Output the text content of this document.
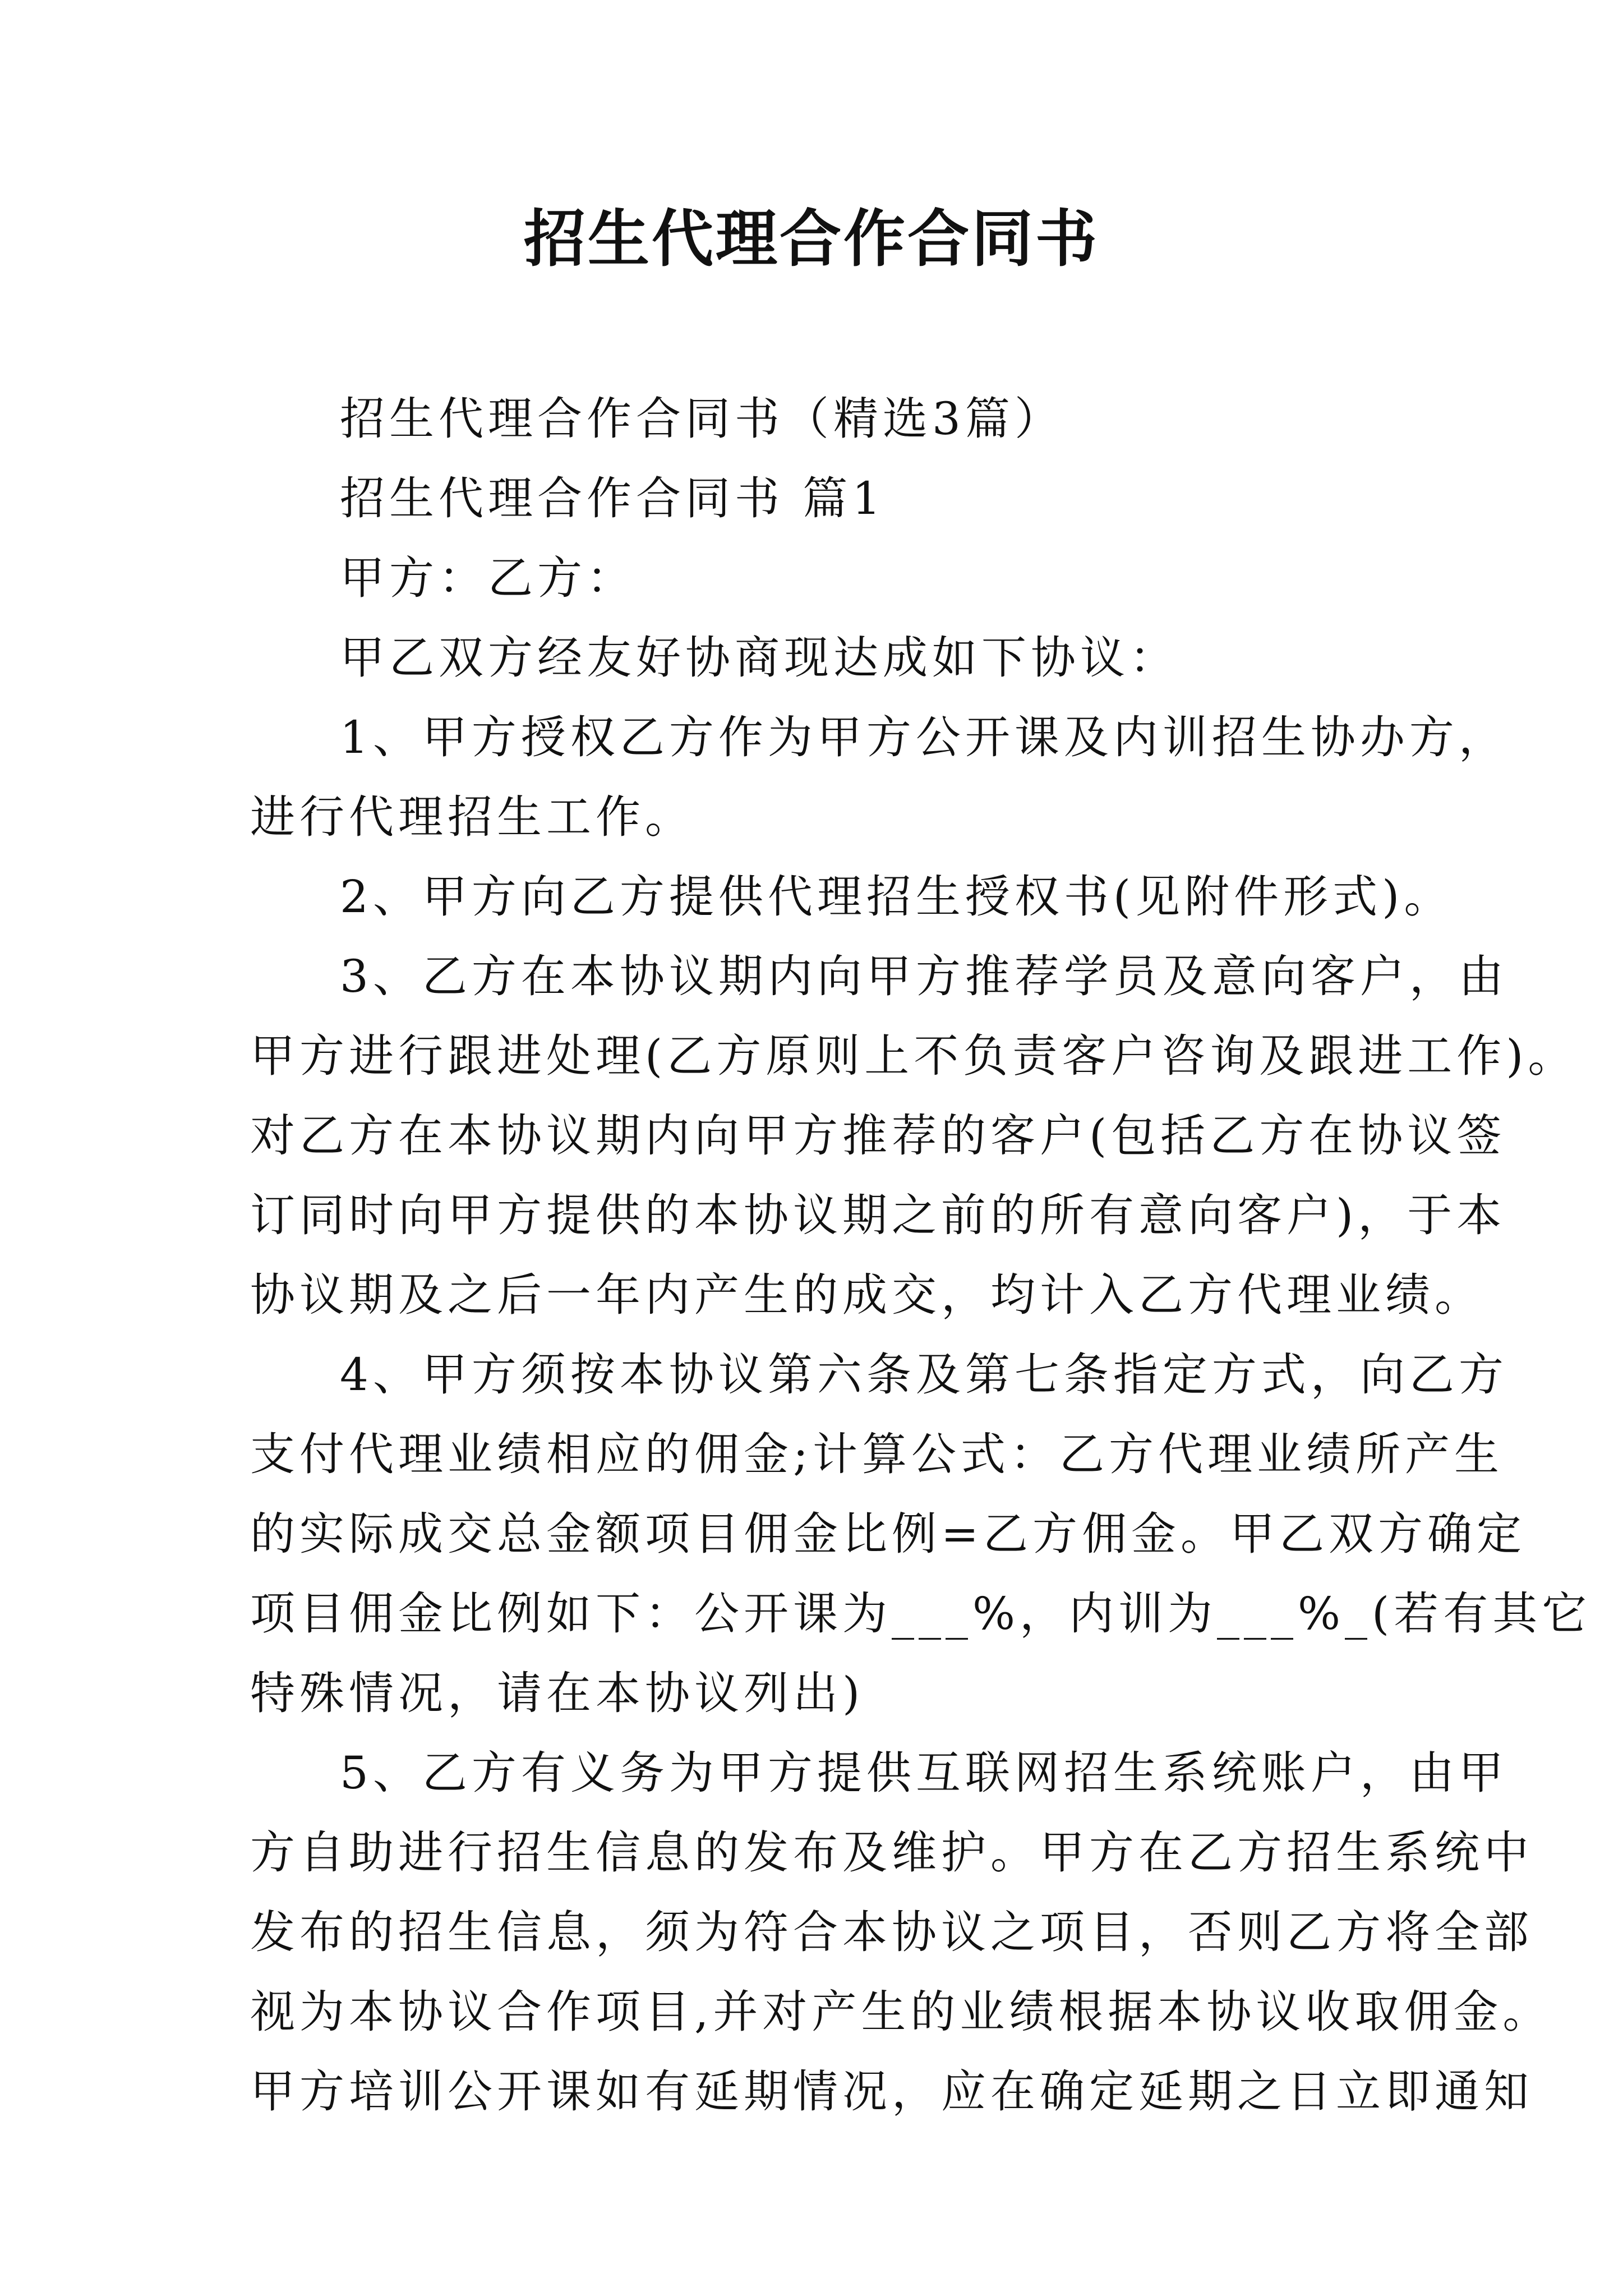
招生代理合作合同书
招生代理合作合同书（精选3篇）
招生代理合作合同书 篇1
甲方：乙方：
甲乙双方经友好协商现达成如下协议：
1、甲方授权乙方作为甲方公开课及内训招生协办方，
进行代理招生工作。
2、甲方向乙方提供代理招生授权书(见附件形式)。
3、乙方在本协议期内向甲方推荐学员及意向客户，由
甲方进行跟进处理(乙方原则上不负责客户咨询及跟进工作)。
对乙方在本协议期内向甲方推荐的客户(包括乙方在协议签
订同时向甲方提供的本协议期之前的所有意向客户)，于本
协议期及之后一年内产生的成交，均计入乙方代理业绩。
4、甲方须按本协议第六条及第七条指定方式，向乙方
支付代理业绩相应的佣金;计算公式：乙方代理业绩所产生
的实际成交总金额项目佣金比例=乙方佣金。甲乙双方确定
项目佣金比例如下：公开课为___%，内训为___%_(若有其它
特殊情况，请在本协议列出)
5、乙方有义务为甲方提供互联网招生系统账户，由甲
方自助进行招生信息的发布及维护。甲方在乙方招生系统中
发布的招生信息，须为符合本协议之项目，否则乙方将全部
视为本协议合作项目,并对产生的业绩根据本协议收取佣金。
甲方培训公开课如有延期情况，应在确定延期之日立即通知
